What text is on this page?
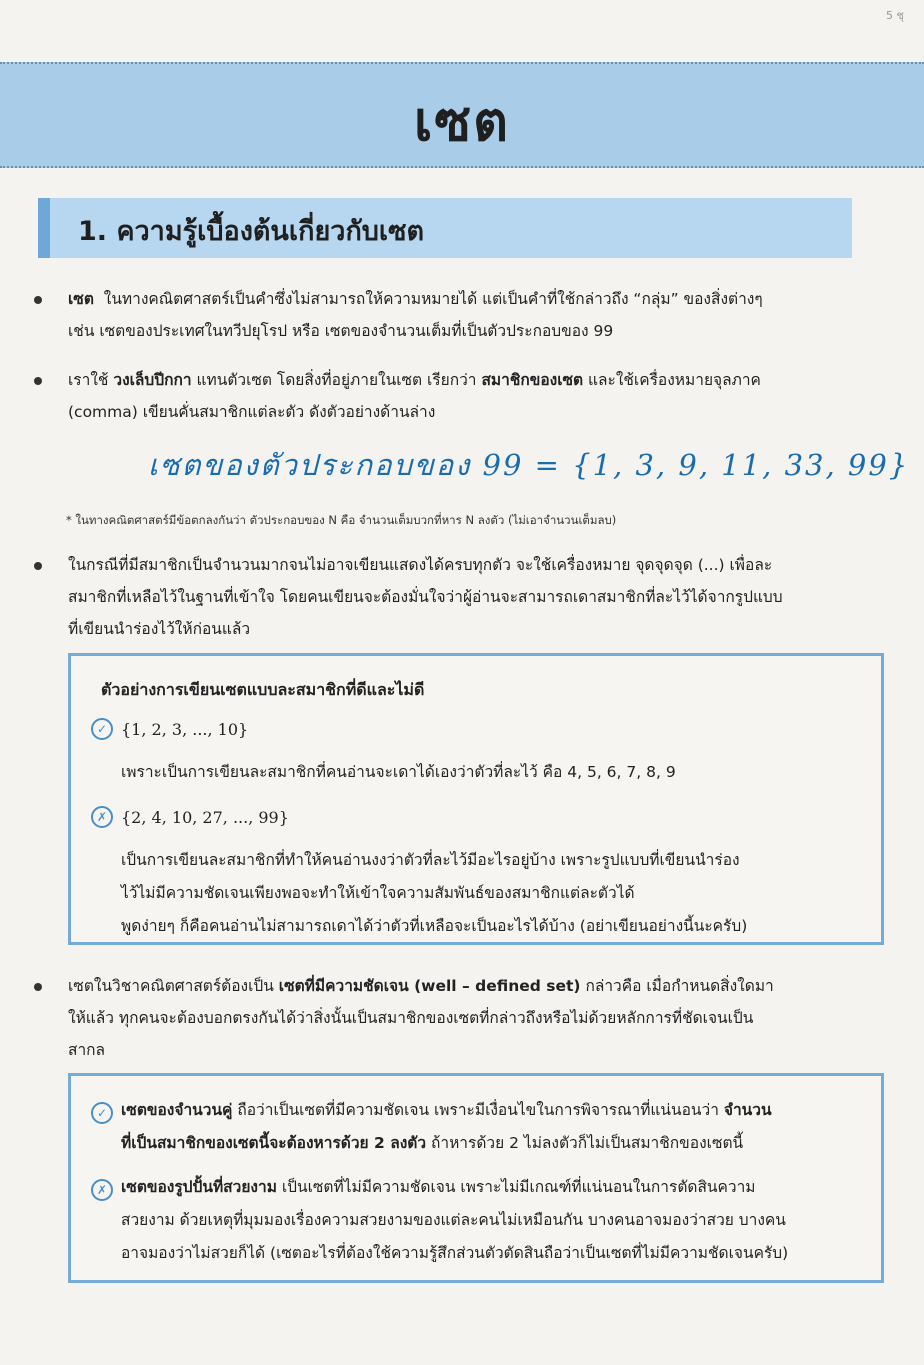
5 ชุ
เซต
1. ความรู้เบื้องต้นเกี่ยวกับเซต
เซต ในทางคณิตศาสตร์เป็นคำซึ่งไม่สามารถให้ความหมายได้ แต่เป็นคำที่ใช้กล่าวถึง “กลุ่ม” ของสิ่งต่างๆ
เช่น เซตของประเทศในทวีปยุโรป หรือ เซตของจำนวนเต็มที่เป็นตัวประกอบของ 99
เราใช้ วงเล็บปีกกา แทนตัวเซต โดยสิ่งที่อยู่ภายในเซต เรียกว่า สมาชิกของเซต และใช้เครื่องหมายจุลภาค
(comma) เขียนคั่นสมาชิกแต่ละตัว ดังตัวอย่างด้านล่าง
เซตของตัวประกอบของ 99 = {1, 3, 9, 11, 33, 99}
* ในทางคณิตศาสตร์มีข้อตกลงกันว่า ตัวประกอบของ N คือ จำนวนเต็มบวกที่หาร N ลงตัว (ไม่เอาจำนวนเต็มลบ)
ในกรณีที่มีสมาชิกเป็นจำนวนมากจนไม่อาจเขียนแสดงได้ครบทุกตัว จะใช้เครื่องหมาย จุดจุดจุด (...) เพื่อละ
สมาชิกที่เหลือไว้ในฐานที่เข้าใจ โดยคนเขียนจะต้องมั่นใจว่าผู้อ่านจะสามารถเดาสมาชิกที่ละไว้ได้จากรูปแบบ
ที่เขียนนำร่องไว้ให้ก่อนแล้ว
ตัวอย่างการเขียนเซตแบบละสมาชิกที่ดีและไม่ดี
✓ {1, 2, 3, ..., 10}
เพราะเป็นการเขียนละสมาชิกที่คนอ่านจะเดาได้เองว่าตัวที่ละไว้ คือ 4, 5, 6, 7, 8, 9
✗ {2, 4, 10, 27, ..., 99}
เป็นการเขียนละสมาชิกที่ทำให้คนอ่านงงว่าตัวที่ละไว้มีอะไรอยู่บ้าง เพราะรูปแบบที่เขียนนำร่อง
ไว้ไม่มีความชัดเจนเพียงพอจะทำให้เข้าใจความสัมพันธ์ของสมาชิกแต่ละตัวได้
พูดง่ายๆ ก็คือคนอ่านไม่สามารถเดาได้ว่าตัวที่เหลือจะเป็นอะไรได้บ้าง (อย่าเขียนอย่างนี้นะครับ)
เซตในวิชาคณิตศาสตร์ต้องเป็น เซตที่มีความชัดเจน (well – defined set) กล่าวคือ เมื่อกำหนดสิ่งใดมา
ให้แล้ว ทุกคนจะต้องบอกตรงกันได้ว่าสิ่งนั้นเป็นสมาชิกของเซตที่กล่าวถึงหรือไม่ด้วยหลักการที่ชัดเจนเป็น
สากล
✓ เซตของจำนวนคู่ ถือว่าเป็นเซตที่มีความชัดเจน เพราะมีเงื่อนไขในการพิจารณาที่แน่นอนว่า จำนวน
ที่เป็นสมาชิกของเซตนี้จะต้องหารด้วย 2 ลงตัว ถ้าหารด้วย 2 ไม่ลงตัวก็ไม่เป็นสมาชิกของเซตนี้
✗ เซตของรูปปั้นที่สวยงาม เป็นเซตที่ไม่มีความชัดเจน เพราะไม่มีเกณฑ์ที่แน่นอนในการตัดสินความ
สวยงาม ด้วยเหตุที่มุมมองเรื่องความสวยงามของแต่ละคนไม่เหมือนกัน บางคนอาจมองว่าสวย บางคน
อาจมองว่าไม่สวยก็ได้ (เซตอะไรที่ต้องใช้ความรู้สึกส่วนตัวตัดสินถือว่าเป็นเซตที่ไม่มีความชัดเจนครับ)
